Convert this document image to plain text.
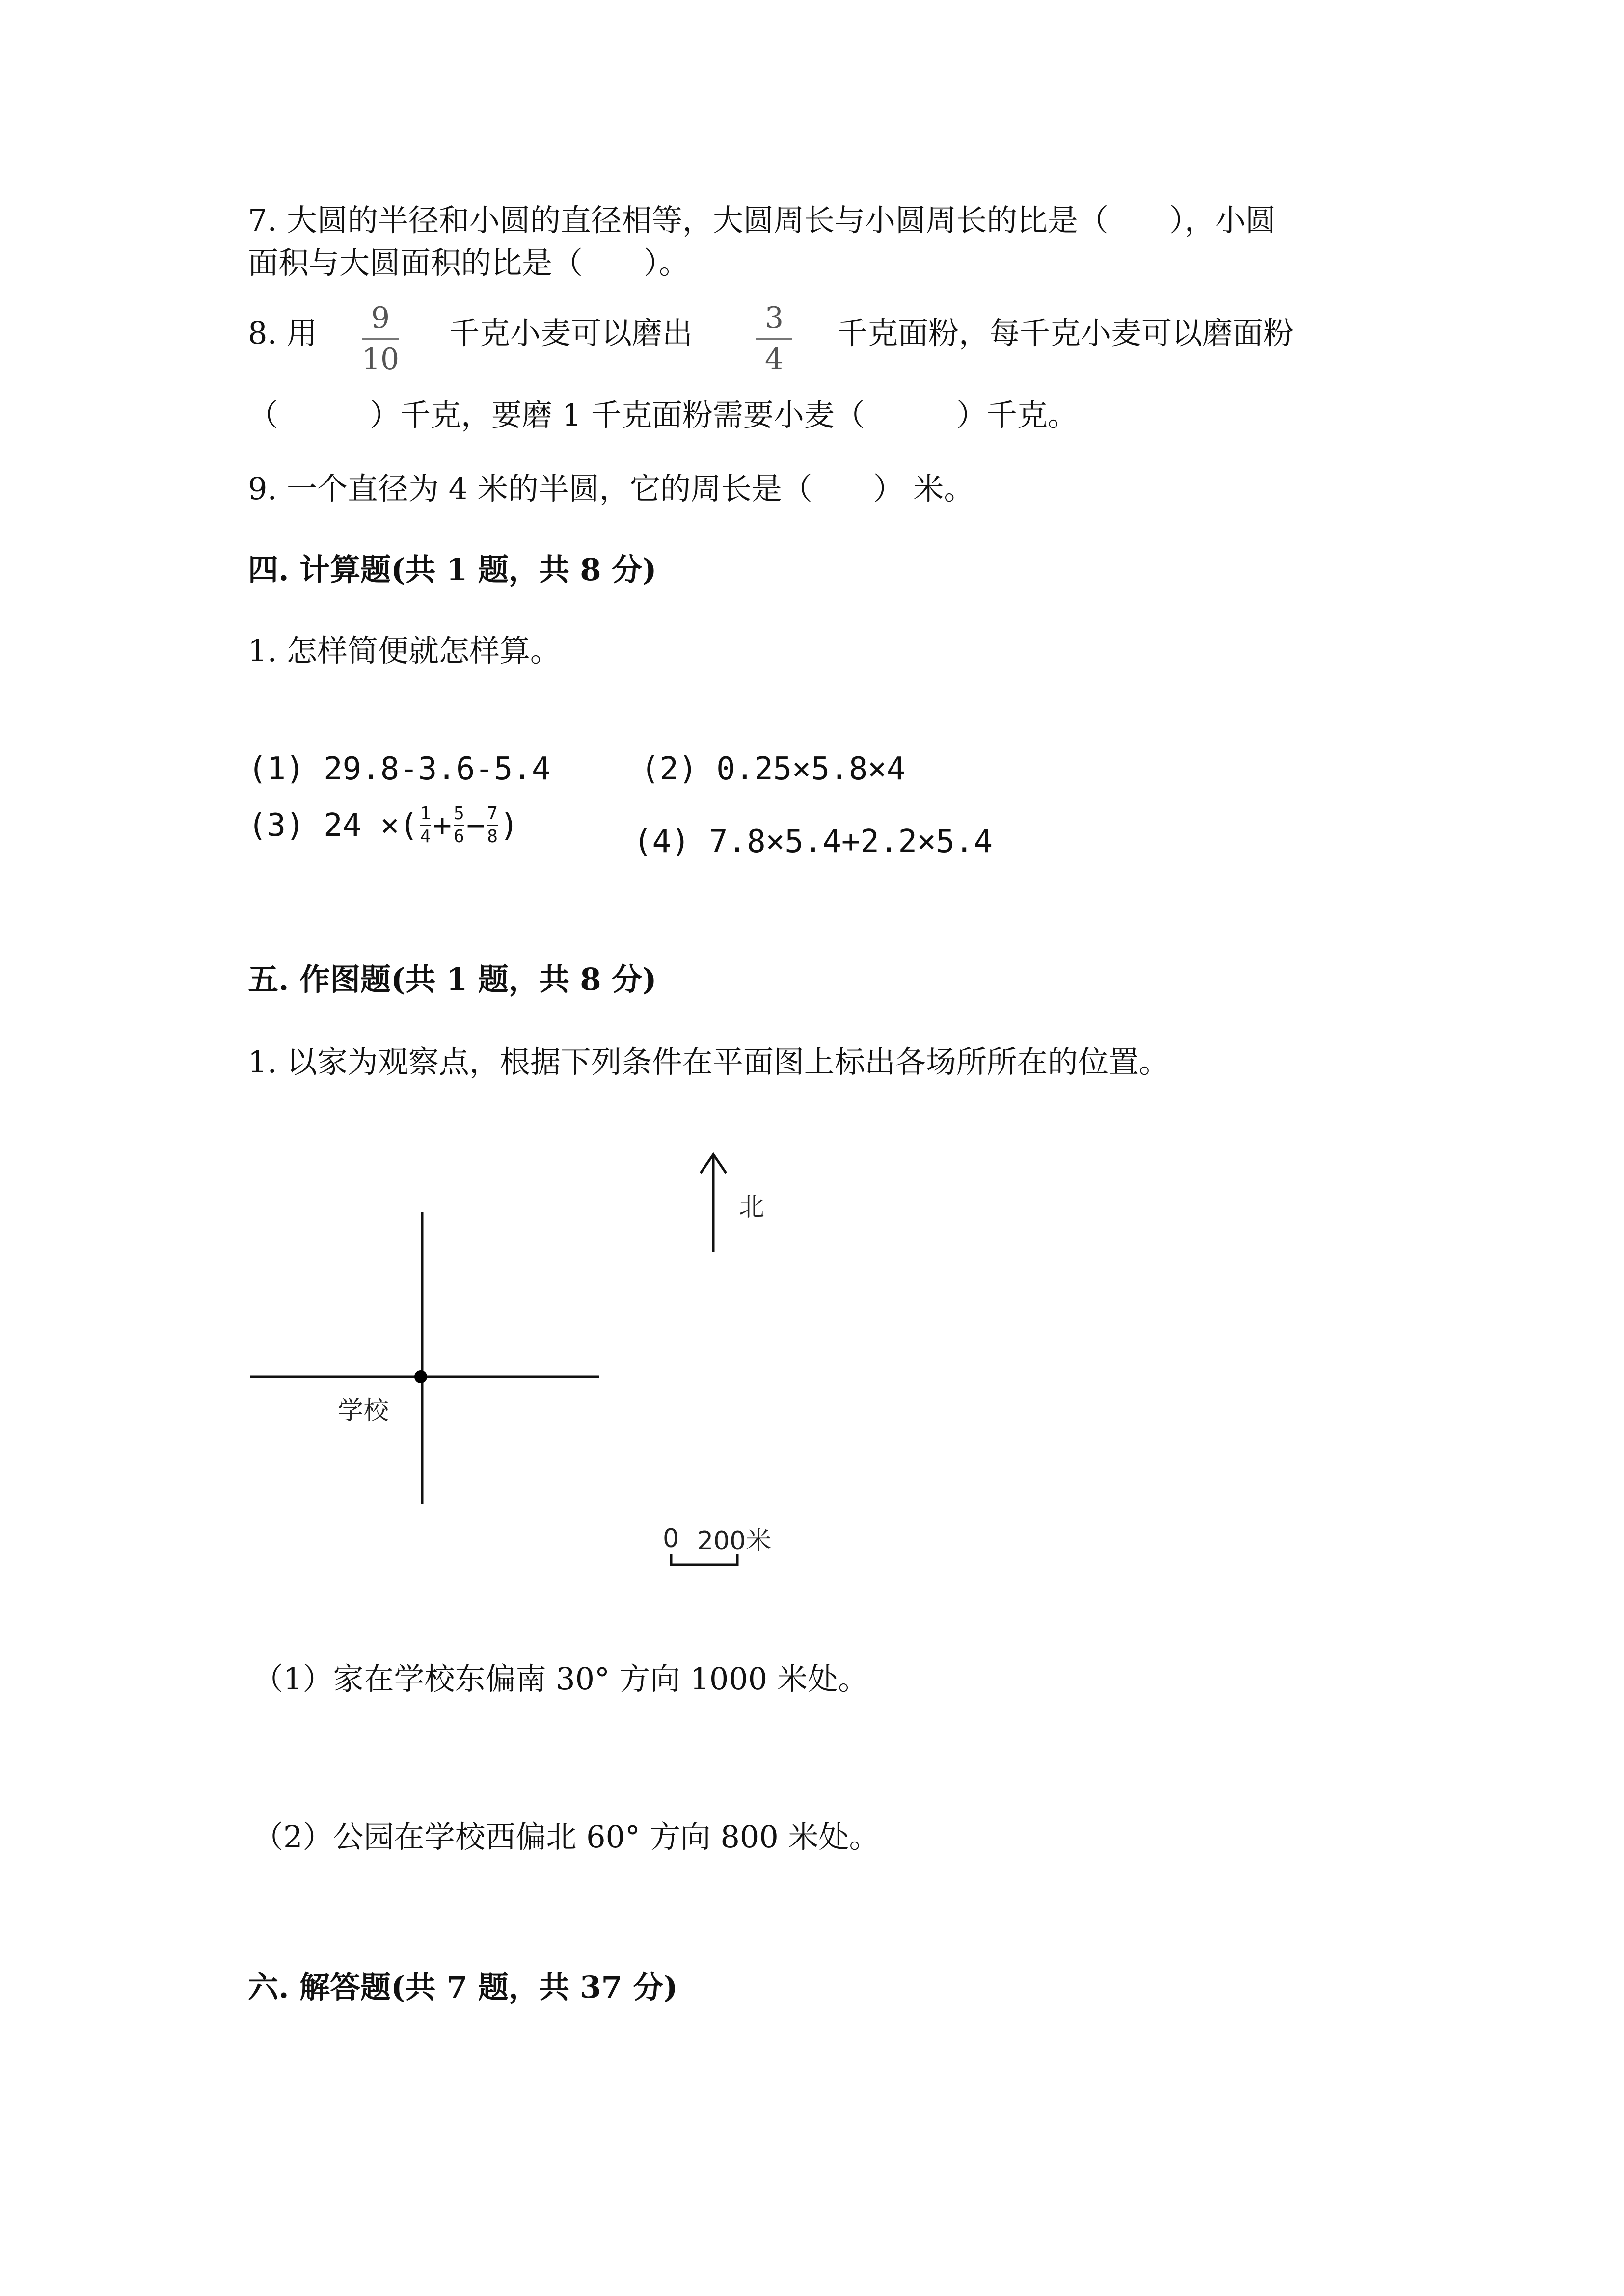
7. 大圆的半径和小圆的直径相等，大圆周长与小圆周长的比是（　　），小圆
面积与大圆面积的比是（　　）。
8. 用	9
10
千克小麦可以磨出	3
4
千克面粉，每千克小麦可以磨面粉
（　　　）千克，要磨 1 千克面粉需要小麦（　　　）千克。
9. 一个直径为 4 米的半圆，它的周长是（　　） 米。
四. 计算题(共 1 题，共 8 分)
1. 怎样简便就怎样算。
(1) 29.8-3.6-5.4	(2) 0.25×5.8×4
(3) 24 ×( 1
4 + 5
6 − 7
8 )	(4) 7.8×5.4+2.2×5.4
五. 作图题(共 1 题，共 8 分)
1. 以家为观察点，根据下列条件在平面图上标出各场所所在的位置。
北
学校
0 200米
（1）家在学校东偏南 30° 方向 1000 米处。
（2）公园在学校西偏北 60° 方向 800 米处。
六. 解答题(共 7 题，共 37 分)
